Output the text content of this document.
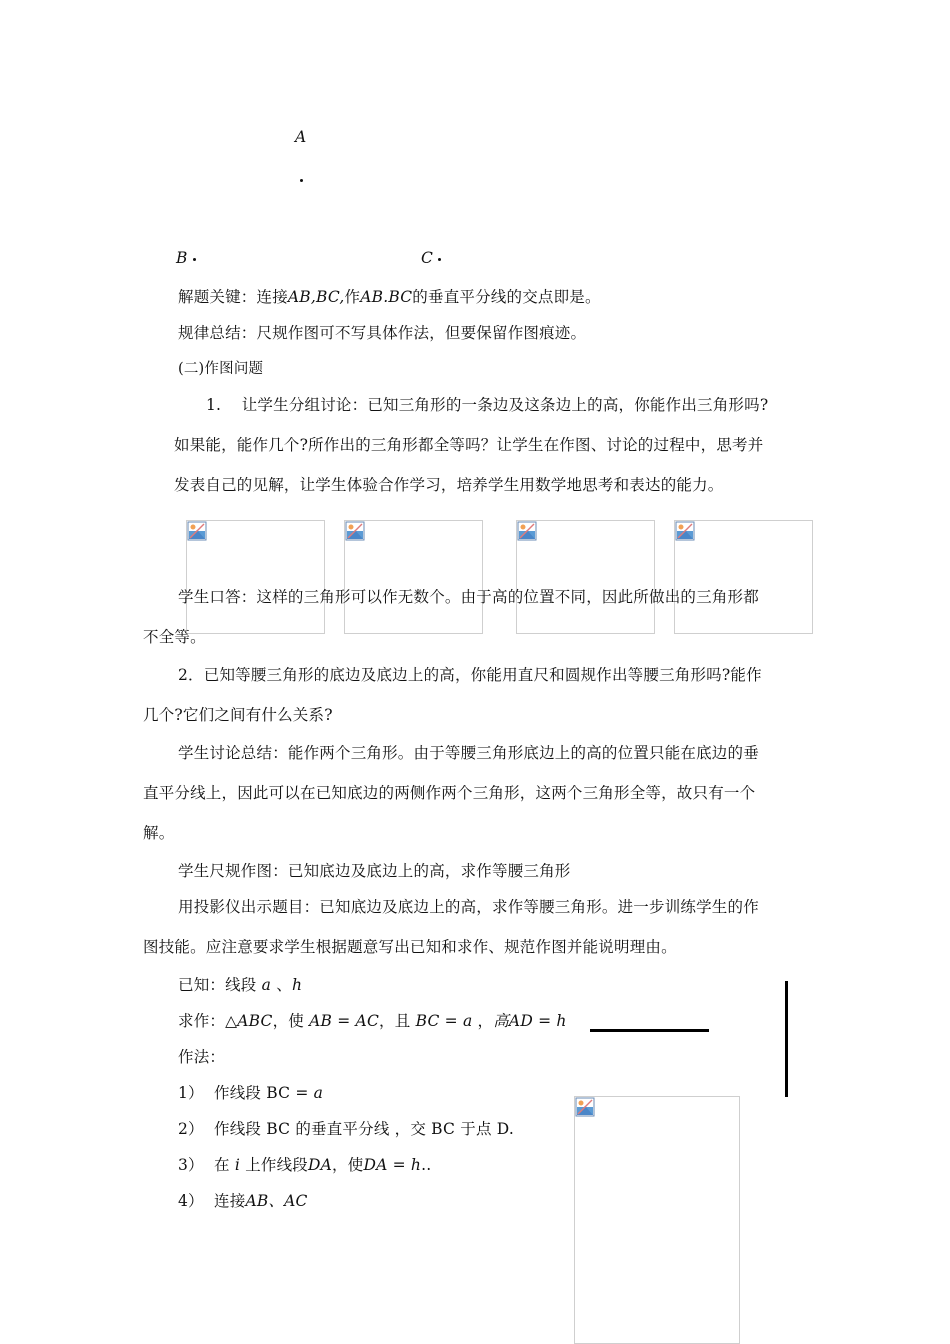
A
B	C
解题关键：连接AB,BC,作AB.BC的垂直平分线的交点即是。
规律总结：尺规作图可不写具体作法，但要保留作图痕迹。
(二)作图问题
1. 让学生分组讨论：已知三角形的一条边及这条边上的高，你能作出三角形吗?
如果能，能作几个?所作出的三角形都全等吗？让学生在作图、讨论的过程中，思考并
发表自己的见解，让学生体验合作学习，培养学生用数学地思考和表达的能力。
学生口答：这样的三角形可以作无数个。由于高的位置不同，因此所做出的三角形都
不全等。
2．已知等腰三角形的底边及底边上的高，你能用直尺和圆规作出等腰三角形吗?能作
几个?它们之间有什么关系?
学生讨论总结：能作两个三角形。由于等腰三角形底边上的高的位置只能在底边的垂
直平分线上，因此可以在已知底边的两侧作两个三角形，这两个三角形全等，故只有一个
解。
学生尺规作图：已知底边及底边上的高，求作等腰三角形
用投影仪出示题目：已知底边及底边上的高，求作等腰三角形。进一步训练学生的作
图技能。应注意要求学生根据题意写出已知和求作、规范作图并能说明理由。
已知：线段 a 、h
求作：△ABC，使 AB = AC，且 BC = a ，高AD = h
作法：
1） 作线段 BC = a
2） 作线段 BC 的垂直平分线 ，交 BC 于点 D.
3） 在 i 上作线段DA，使DA = h..
4） 连接AB、AC
